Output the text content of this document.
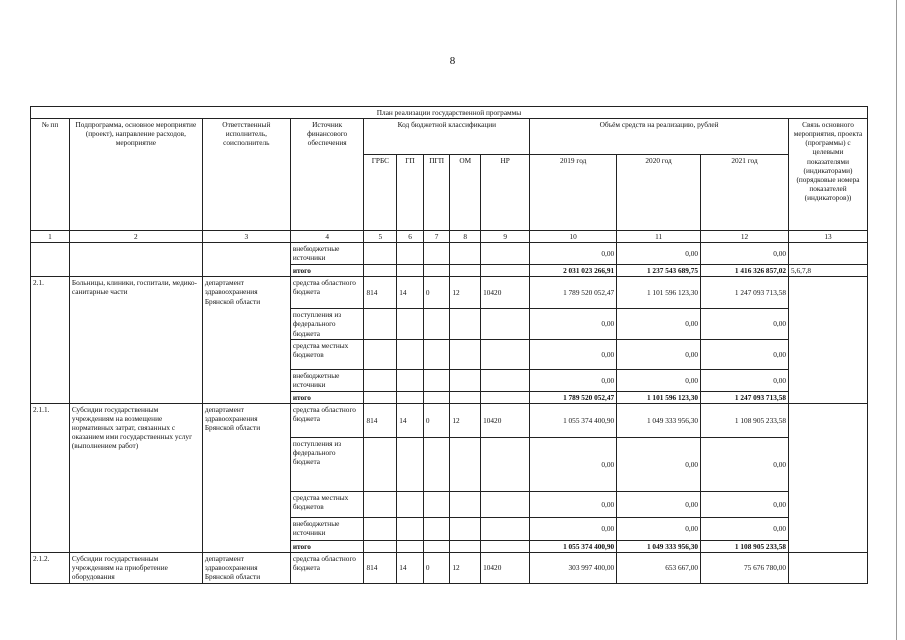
8
План реализации государственной программы												
№ пп	Подпрограмма, основное мероприятие (проект), направление расходов, мероприятие	Ответственный исполнитель, соисполнитель	Источник финансового обеспечения	Код бюджетной классификации					Объём средств на реализацию, рублей			Связь основного мероприятия, проекта (программы) с целевыми показателями (индикаторами) (порядковые номера показателей (индикаторов))
				ГРБС	ГП	ПГП	ОМ	НР	2019 год	2020 год	2021 год	
1	2	3	4	5	6	7	8	9	10	11	12	13
			внебюджетные источники						0,00	0,00	0,00	
			итого						2 031 023 266,91	1 237 543 689,75	1 416 326 857,02	5,6,7,8
2.1.	Больницы, клиники, госпитали, медико-санитарные части	департамент здравоохранения Брянской области	средства областного бюджета	814	14	0	12	10420	1 789 520 052,47	1 101 596 123,30	1 247 093 713,58	
			поступления из федерального бюджета						0,00	0,00	0,00	
			средства местных бюджетов						0,00	0,00	0,00	
			внебюджетные источники						0,00	0,00	0,00	
			итого						1 789 520 052,47	1 101 596 123,30	1 247 093 713,58	
2.1.1.	Субсидии государственным учреждениям на возмещение нормативных затрат, связанных с оказанием ими государственных услуг (выполнением работ)	департамент здравоохранения Брянской области	средства областного бюджета	814	14	0	12	10420	1 055 374 400,90	1 049 333 956,30	1 108 905 233,58	
			поступления из федерального бюджета						0,00	0,00	0,00	
			средства местных бюджетов						0,00	0,00	0,00	
			внебюджетные источники						0,00	0,00	0,00	
			итого						1 055 374 400,90	1 049 333 956,30	1 108 905 233,58	
2.1.2.	Субсидии государственным учреждениям на приобретение оборудования	департамент здравоохранения Брянской области	средства областного бюджета	814	14	0	12	10420	303 997 400,00	653 667,00	75 676 780,00	
